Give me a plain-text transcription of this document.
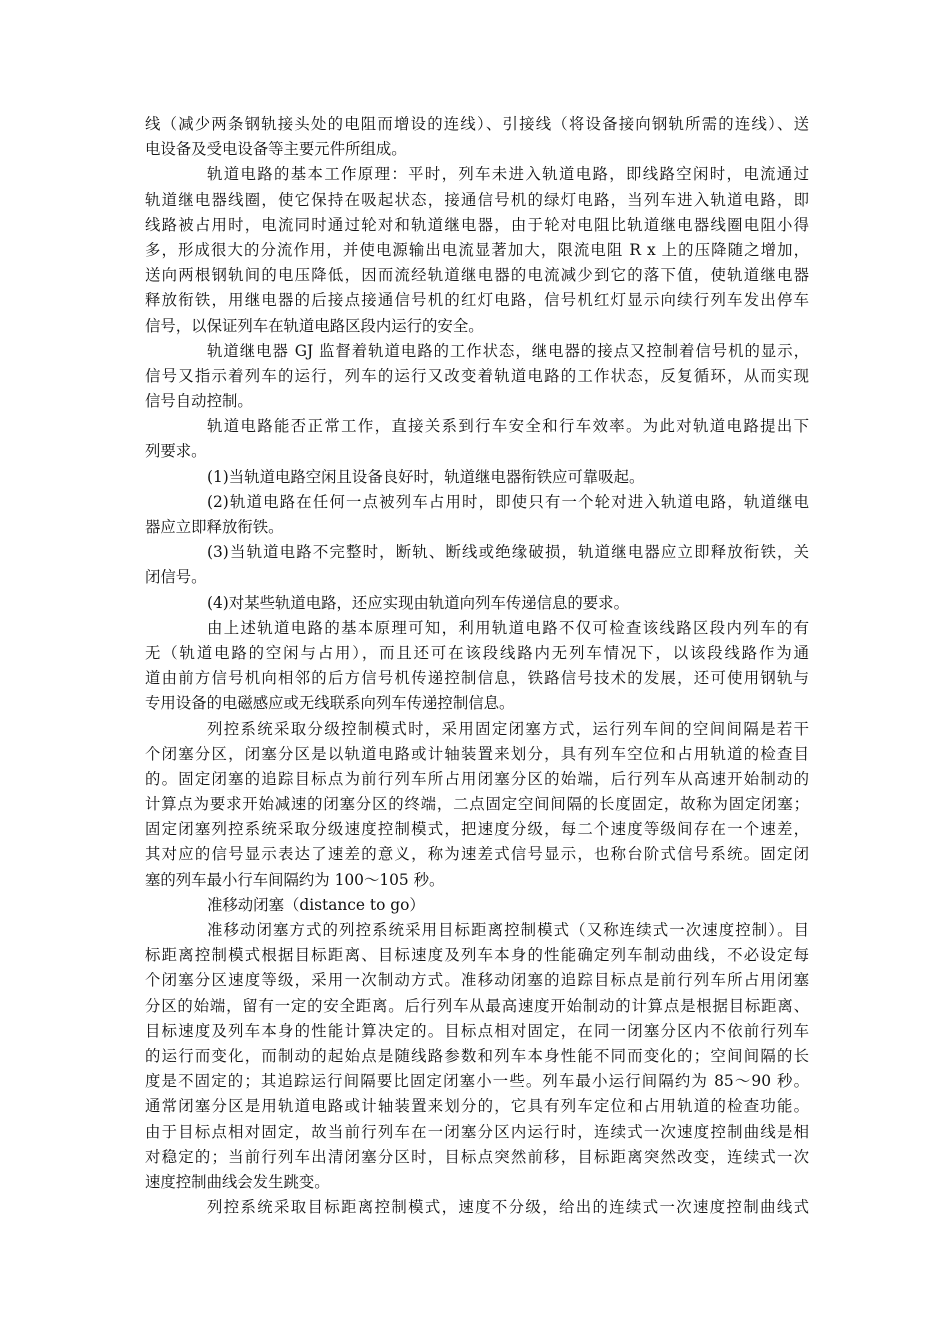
线（减少两条钢轨接头处的电阻而增设的连线）、引接线（将设备接向钢轨所需的连线）、送
电设备及受电设备等主要元件所组成。
轨道电路的基本工作原理：平时，列车未进入轨道电路，即线路空闲时，电流通过
轨道继电器线圈，使它保持在吸起状态，接通信号机的绿灯电路，当列车进入轨道电路，即
线路被占用时，电流同时通过轮对和轨道继电器，由于轮对电阻比轨道继电器线圈电阻小得
多，形成很大的分流作用，并使电源输出电流显著加大，限流电阻 R x 上的压降随之增加，
送向两根钢轨间的电压降低，因而流经轨道继电器的电流减少到它的落下值，使轨道继电器
释放衔铁，用继电器的后接点接通信号机的红灯电路，信号机红灯显示向续行列车发出停车
信号，以保证列车在轨道电路区段内运行的安全。
轨道继电器 GJ 监督着轨道电路的工作状态，继电器的接点又控制着信号机的显示，
信号又指示着列车的运行，列车的运行又改变着轨道电路的工作状态，反复循环，从而实现
信号自动控制。
轨道电路能否正常工作，直接关系到行车安全和行车效率。为此对轨道电路提出下
列要求。
(1)当轨道电路空闲且设备良好时，轨道继电器衔铁应可靠吸起。
(2)轨道电路在任何一点被列车占用时，即使只有一个轮对进入轨道电路，轨道继电
器应立即释放衔铁。
(3)当轨道电路不完整时，断轨、断线或绝缘破损，轨道继电器应立即释放衔铁，关
闭信号。
(4)对某些轨道电路，还应实现由轨道向列车传递信息的要求。
由上述轨道电路的基本原理可知，利用轨道电路不仅可检查该线路区段内列车的有
无（轨道电路的空闲与占用），而且还可在该段线路内无列车情况下，以该段线路作为通
道由前方信号机向相邻的后方信号机传递控制信息，铁路信号技术的发展，还可使用钢轨与
专用设备的电磁感应或无线联系向列车传递控制信息。
列控系统采取分级控制模式时，采用固定闭塞方式，运行列车间的空间间隔是若干
个闭塞分区，闭塞分区是以轨道电路或计轴装置来划分，具有列车空位和占用轨道的检查目
的。固定闭塞的追踪目标点为前行列车所占用闭塞分区的始端，后行列车从高速开始制动的
计算点为要求开始减速的闭塞分区的终端，二点固定空间间隔的长度固定，故称为固定闭塞；
固定闭塞列控系统采取分级速度控制模式，把速度分级，每二个速度等级间存在一个速差，
其对应的信号显示表达了速差的意义，称为速差式信号显示，也称台阶式信号系统。固定闭
塞的列车最小行车间隔约为 100～105 秒。
准移动闭塞（distance to go）
准移动闭塞方式的列控系统采用目标距离控制模式（又称连续式一次速度控制）。目
标距离控制模式根据目标距离、目标速度及列车本身的性能确定列车制动曲线，不必设定每
个闭塞分区速度等级，采用一次制动方式。准移动闭塞的追踪目标点是前行列车所占用闭塞
分区的始端，留有一定的安全距离。后行列车从最高速度开始制动的计算点是根据目标距离、
目标速度及列车本身的性能计算决定的。目标点相对固定，在同一闭塞分区内不依前行列车
的运行而变化，而制动的起始点是随线路参数和列车本身性能不同而变化的；空间间隔的长
度是不固定的；其追踪运行间隔要比固定闭塞小一些。列车最小运行间隔约为 85～90 秒。
通常闭塞分区是用轨道电路或计轴装置来划分的，它具有列车定位和占用轨道的检查功能。
由于目标点相对固定，故当前行列车在一闭塞分区内运行时，连续式一次速度控制曲线是相
对稳定的；当前行列车出清闭塞分区时，目标点突然前移，目标距离突然改变，连续式一次
速度控制曲线会发生跳变。
列控系统采取目标距离控制模式，速度不分级，给出的连续式一次速度控制曲线式
